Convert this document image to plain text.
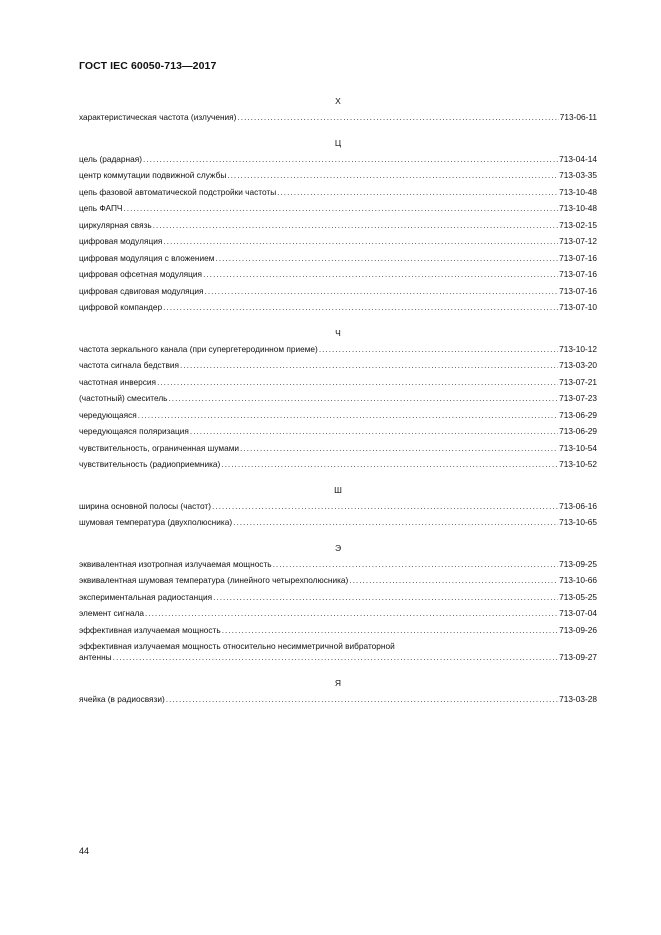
ГОСТ IEC 60050-713—2017
Х
характеристическая частота (излучения) .....	713-06-11
Ц
цель (радарная) .....	713-04-14
центр коммутации подвижной службы .....	713-03-35
цепь фазовой автоматической подстройки частоты .....	713-10-48
цепь ФАПЧ .....	713-10-48
циркулярная связь .....	713-02-15
цифровая модуляция .....	713-07-12
цифровая модуляция с вложением .....	713-07-16
цифровая офсетная модуляция .....	713-07-16
цифровая сдвиговая модуляция .....	713-07-16
цифровой компандер .....	713-07-10
Ч
частота зеркального канала (при супергетеродинном приеме) .....	713-10-12
частота сигнала бедствия .....	713-03-20
частотная инверсия .....	713-07-21
(частотный) смеситель .....	713-07-23
чередующаяся .....	713-06-29
чередующаяся поляризация .....	713-06-29
чувствительность, ограниченная шумами .....	713-10-54
чувствительность (радиоприемника) .....	713-10-52
Ш
ширина основной полосы (частот) .....	713-06-16
шумовая температура (двухполюсника) .....	713-10-65
Э
эквивалентная изотропная излучаемая мощность .....	713-09-25
эквивалентная шумовая температура (линейного четырехполюсника) .....	713-10-66
экспериментальная радиостанция .....	713-05-25
элемент сигнала .....	713-07-04
эффективная излучаемая мощность .....	713-09-26
эффективная излучаемая мощность относительно несимметричной вибраторной
антенны .....	713-09-27
Я
ячейка (в радиосвязи) .....	713-03-28
44
